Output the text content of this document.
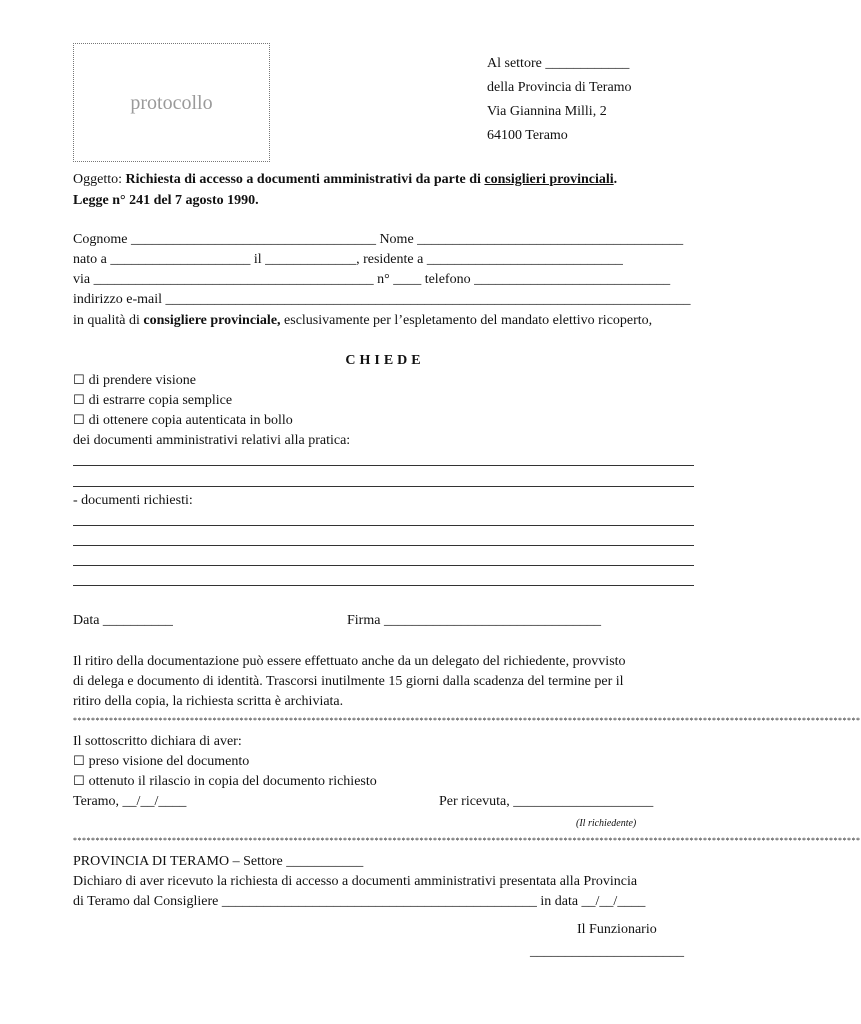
protocollo
Al settore ____________
della Provincia di Teramo
Via Giannina Milli, 2
64100 Teramo
Oggetto: Richiesta di accesso a documenti amministrativi da parte di consiglieri provinciali.
Legge n° 241 del 7 agosto 1990.
Cognome ___________________________________ Nome ______________________________________
nato a ____________________ il _____________, residente a ____________________________
via ________________________________________ n° ____ telefono ____________________________
indirizzo e-mail ___________________________________________________________________________
in qualità di consigliere provinciale, esclusivamente per l’espletamento del mandato elettivo ricoperto,
CHIEDE
☐ di prendere visione
☐ di estrarre copia semplice
☐ di ottenere copia autenticata in bollo
dei documenti amministrativi relativi alla pratica:
- documenti richiesti:
Data __________	Firma _______________________________
Il ritiro della documentazione può essere effettuato anche da un delegato del richiedente, provvisto
di delega e documento di identità. Trascorsi inutilmente 15 giorni dalla scadenza del termine per il
ritiro della copia, la richiesta scritta è archiviata.
*******************************************************************************************************************************************************************************
Il sottoscritto dichiara di aver:
☐ preso visione del documento
☐ ottenuto il rilascio in copia del documento richiesto
Teramo, __/__/____	Per ricevuta, ____________________
(Il richiedente)
*******************************************************************************************************************************************************************************
PROVINCIA DI TERAMO – Settore ___________
Dichiaro di aver ricevuto la richiesta di accesso a documenti amministrativi presentata alla Provincia
di Teramo dal Consigliere _____________________________________________ in data __/__/____
Il Funzionario
______________________
